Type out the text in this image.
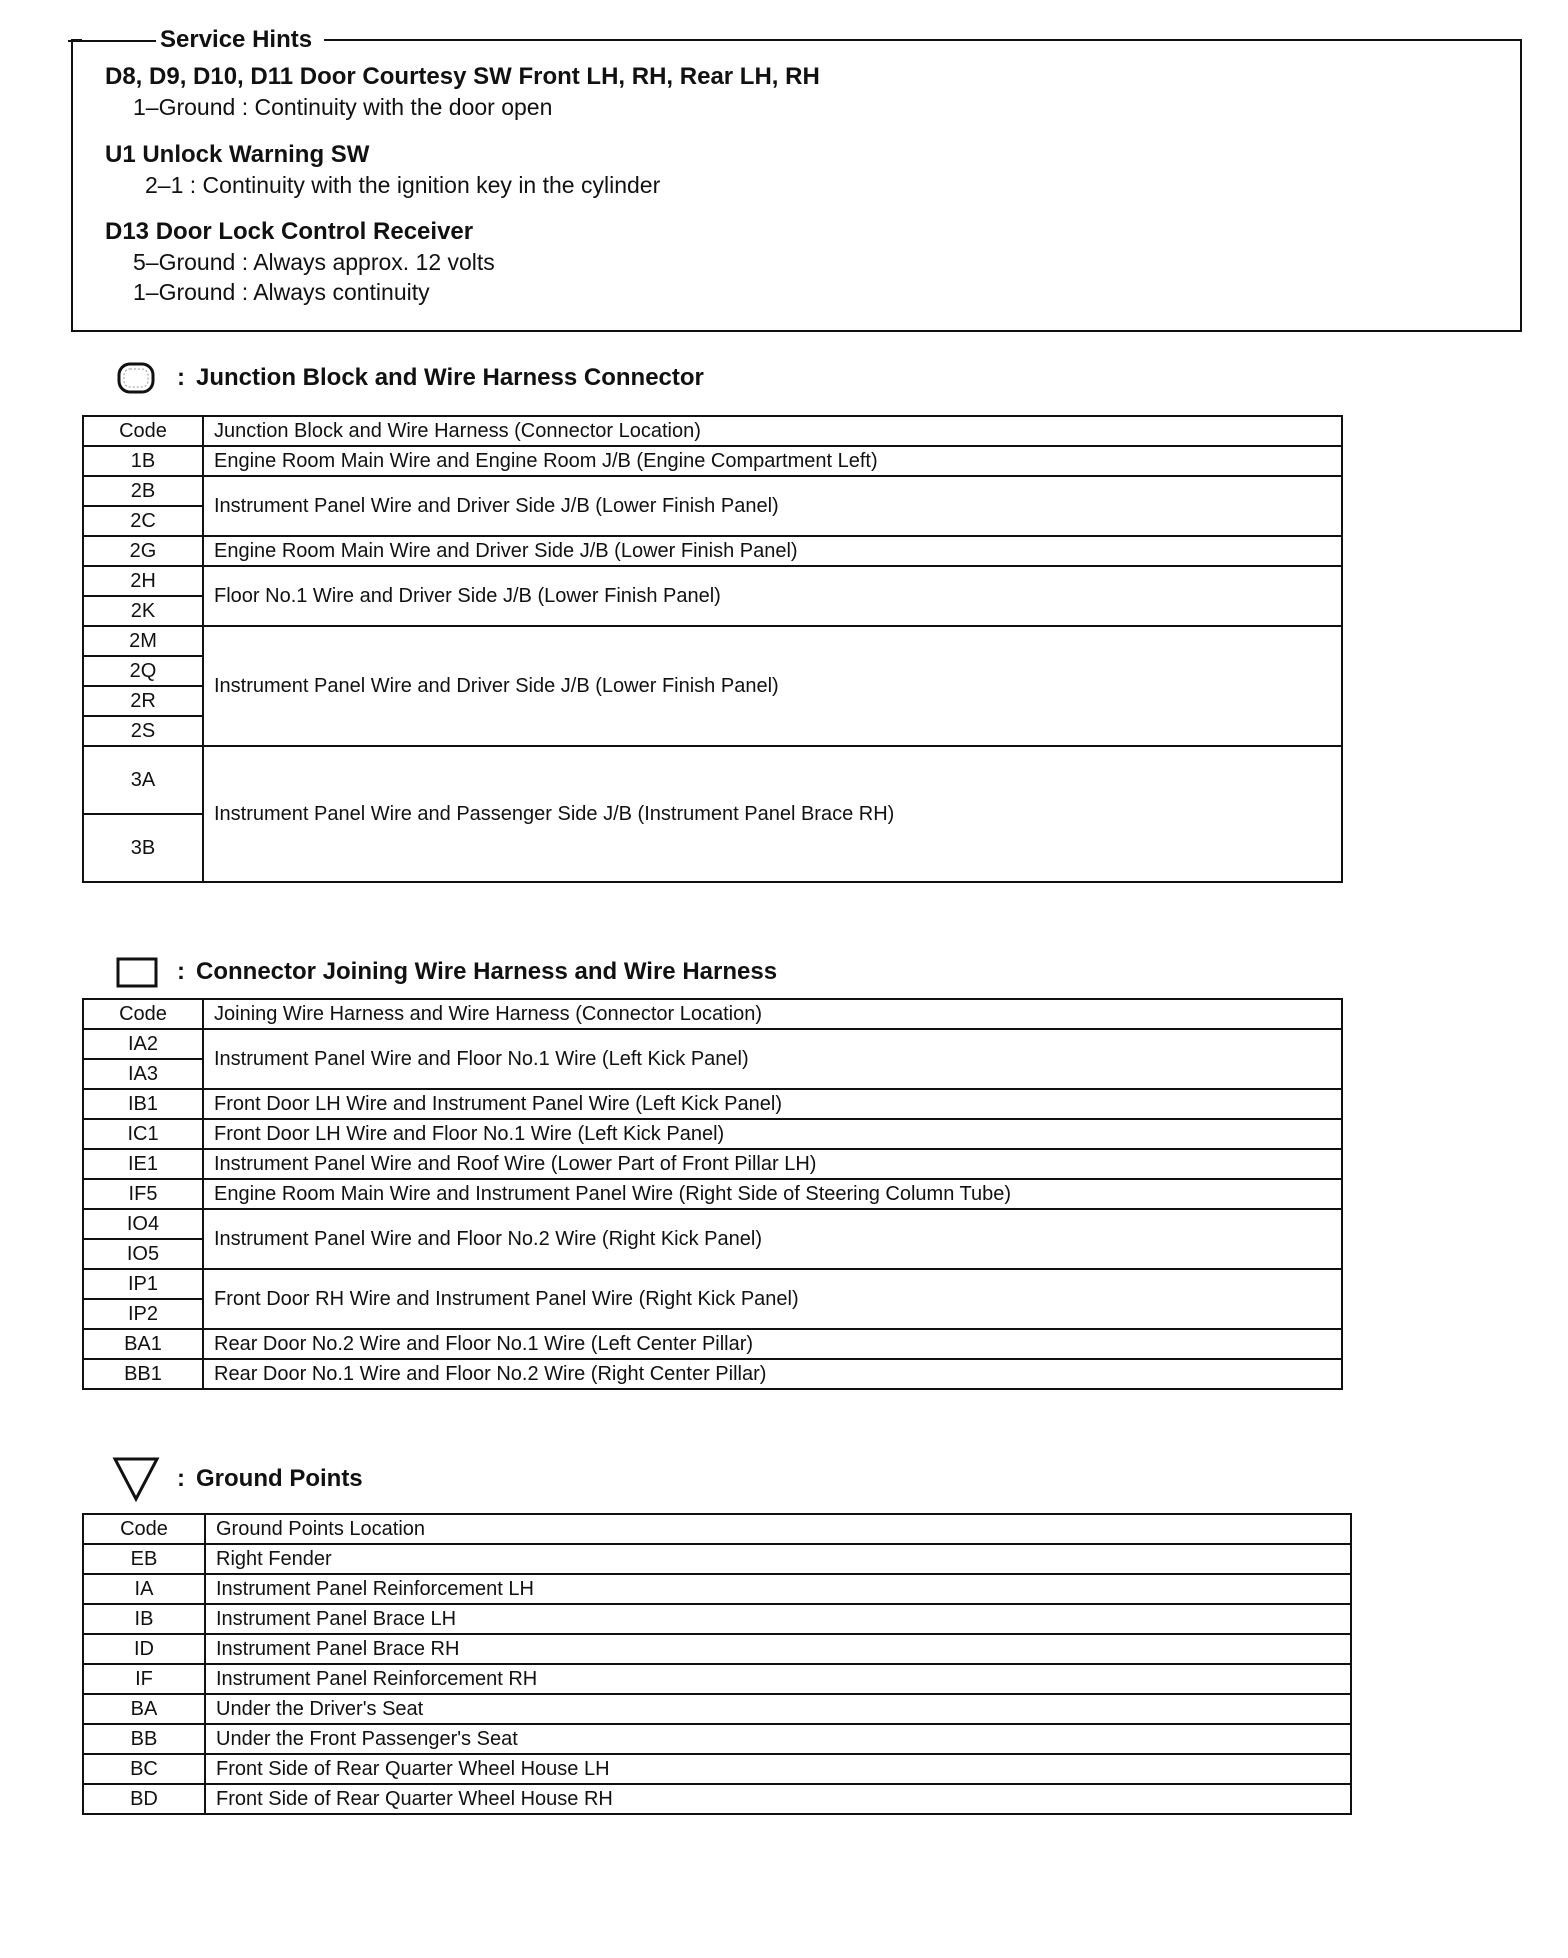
Service Hints
D8, D9, D10, D11 Door Courtesy SW Front LH, RH, Rear LH, RH
1–Ground : Continuity with the door open
U1 Unlock Warning SW
2–1 : Continuity with the ignition key in the cylinder
D13 Door Lock Control Receiver
5–Ground : Always approx. 12 volts
1–Ground : Always continuity
: Junction Block and Wire Harness Connector
Code	Junction Block and Wire Harness (Connector Location)
1B	Engine Room Main Wire and Engine Room J/B (Engine Compartment Left)
2B	Instrument Panel Wire and Driver Side J/B (Lower Finish Panel)
2C	
2G	Engine Room Main Wire and Driver Side J/B (Lower Finish Panel)
2H	Floor No.1 Wire and Driver Side J/B (Lower Finish Panel)
2K	
2M	Instrument Panel Wire and Driver Side J/B (Lower Finish Panel)
2Q	
2R	
2S	
3A	Instrument Panel Wire and Passenger Side J/B (Instrument Panel Brace RH)
3B	
: Connector Joining Wire Harness and Wire Harness
Code	Joining Wire Harness and Wire Harness (Connector Location)
IA2	Instrument Panel Wire and Floor No.1 Wire (Left Kick Panel)
IA3	
IB1	Front Door LH Wire and Instrument Panel Wire (Left Kick Panel)
IC1	Front Door LH Wire and Floor No.1 Wire (Left Kick Panel)
IE1	Instrument Panel Wire and Roof Wire (Lower Part of Front Pillar LH)
IF5	Engine Room Main Wire and Instrument Panel Wire (Right Side of Steering Column Tube)
IO4	Instrument Panel Wire and Floor No.2 Wire (Right Kick Panel)
IO5	
IP1	Front Door RH Wire and Instrument Panel Wire (Right Kick Panel)
IP2	
BA1	Rear Door No.2 Wire and Floor No.1 Wire (Left Center Pillar)
BB1	Rear Door No.1 Wire and Floor No.2 Wire (Right Center Pillar)
: Ground Points
Code	Ground Points Location
EB	Right Fender
IA	Instrument Panel Reinforcement LH
IB	Instrument Panel Brace LH
ID	Instrument Panel Brace RH
IF	Instrument Panel Reinforcement RH
BA	Under the Driver's Seat
BB	Under the Front Passenger's Seat
BC	Front Side of Rear Quarter Wheel House LH
BD	Front Side of Rear Quarter Wheel House RH
